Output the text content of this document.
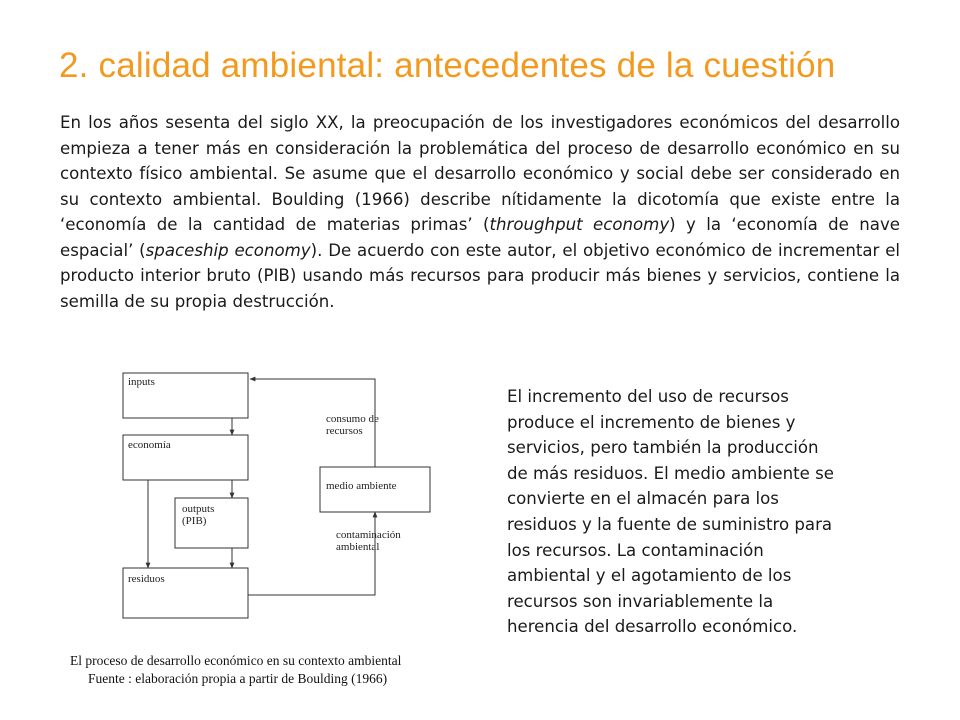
2. calidad ambiental: antecedentes de la cuestión
En los años sesenta del siglo XX, la preocupación de los investigadores económicos del desarrollo empieza a tener más en consideración la problemática del proceso de desarrollo económico en su contexto físico ambiental. Se asume que el desarrollo económico y social debe ser considerado en su contexto ambiental. Boulding (1966) describe nítidamente la dicotomía que existe entre la ‘economía de la cantidad de materias primas’ (throughput economy) y la ‘economía de nave espacial’ (spaceship economy). De acuerdo con este autor, el objetivo económico de incrementar el producto interior bruto (PIB) usando más recursos para producir más bienes y servicios, contiene la semilla de su propia destrucción.
inputs
economía
outputs
(PIB)
residuos
medio ambiente
consumo de
recursos
contaminación
ambiental
El incremento del uso de recursos
produce el incremento de bienes y
servicios, pero también la producción
de más residuos. El medio ambiente se
convierte en el almacén para los
residuos y la fuente de suministro para
los recursos. La contaminación
ambiental y el agotamiento de los
recursos son invariablemente la
herencia del desarrollo económico.
El proceso de desarrollo económico en su contexto ambiental
Fuente : elaboración propia a partir de Boulding (1966)
